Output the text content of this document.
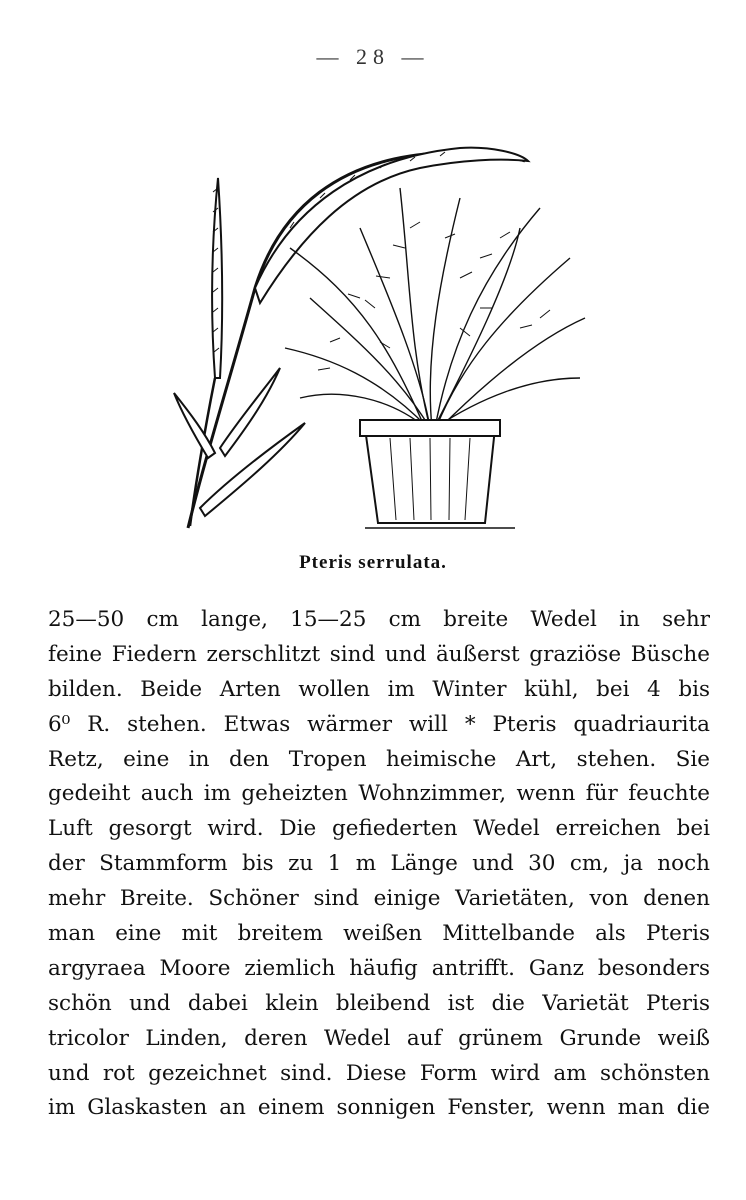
— 28 —
Pteris serrulata.
25—50 cm lange, 15—25 cm breite Wedel in sehr
feine Fiedern zerschlitzt sind und äußerst graziöse Büsche
bilden. Beide Arten wollen im Winter kühl, bei 4 bis
6⁰ R. stehen. Etwas wärmer will * Pteris quadriaurita
Retz, eine in den Tropen heimische Art, stehen. Sie
gedeiht auch im geheizten Wohnzimmer, wenn für feuchte
Luft gesorgt wird. Die gefiederten Wedel erreichen bei
der Stammform bis zu 1 m Länge und 30 cm, ja noch
mehr Breite. Schöner sind einige Varietäten, von denen
man eine mit breitem weißen Mittelbande als Pteris
argyraea Moore ziemlich häufig antrifft. Ganz besonders
schön und dabei klein bleibend ist die Varietät Pteris
tricolor Linden, deren Wedel auf grünem Grunde weiß
und rot gezeichnet sind. Diese Form wird am schönsten
im Glaskasten an einem sonnigen Fenster, wenn man die
